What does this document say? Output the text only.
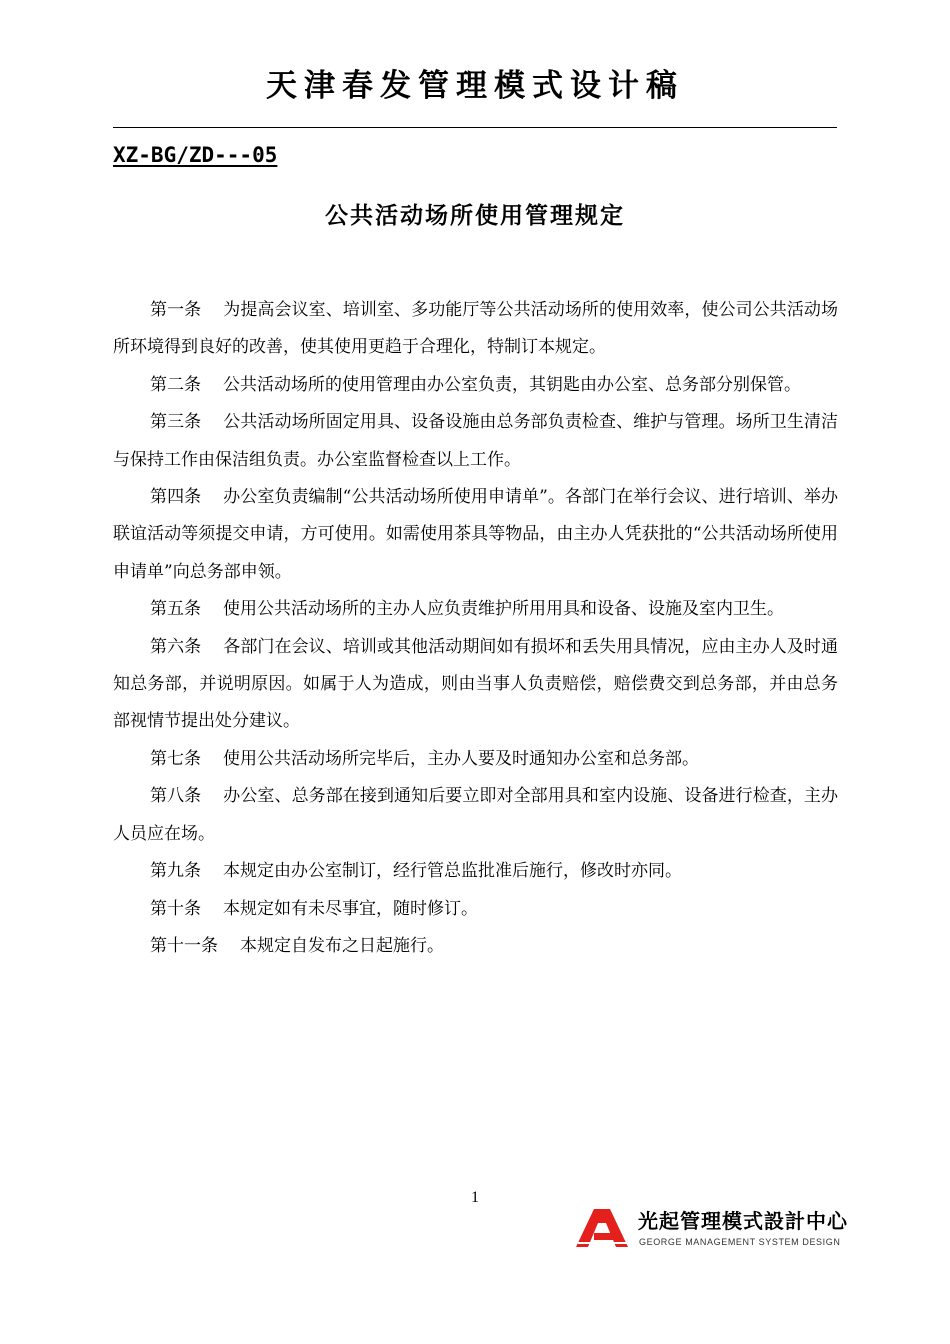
天津春发管理模式设计稿
XZ-BG/ZD---05
公共活动场所使用管理规定

第一条 为提高会议室、培训室、多功能厅等公共活动场所的使用效率，使公司公共活动场所环境得到良好的改善，使其使用更趋于合理化，特制订本规定。

第二条 公共活动场所的使用管理由办公室负责，其钥匙由办公室、总务部分别保管。

第三条 公共活动场所固定用具、设备设施由总务部负责检查、维护与管理。场所卫生清洁与保持工作由保洁组负责。办公室监督检查以上工作。

第四条 办公室负责编制“公共活动场所使用申请单”。各部门在举行会议、进行培训、举办联谊活动等须提交申请，方可使用。如需使用茶具等物品，由主办人凭获批的“公共活动场所使用申请单”向总务部申领。

第五条 使用公共活动场所的主办人应负责维护所用用具和设备、设施及室内卫生。

第六条 各部门在会议、培训或其他活动期间如有损坏和丢失用具情况，应由主办人及时通知总务部，并说明原因。如属于人为造成，则由当事人负责赔偿，赔偿费交到总务部，并由总务部视情节提出处分建议。

第七条 使用公共活动场所完毕后，主办人要及时通知办公室和总务部。

第八条 办公室、总务部在接到通知后要立即对全部用具和室内设施、设备进行检查，主办人员应在场。

第九条 本规定由办公室制订，经行管总监批准后施行，修改时亦同。

第十条 本规定如有未尽事宜，随时修订。

第十一条 本规定自发布之日起施行。

1
光起管理模式設計中心
GEORGE MANAGEMENT SYSTEM DESIGN
